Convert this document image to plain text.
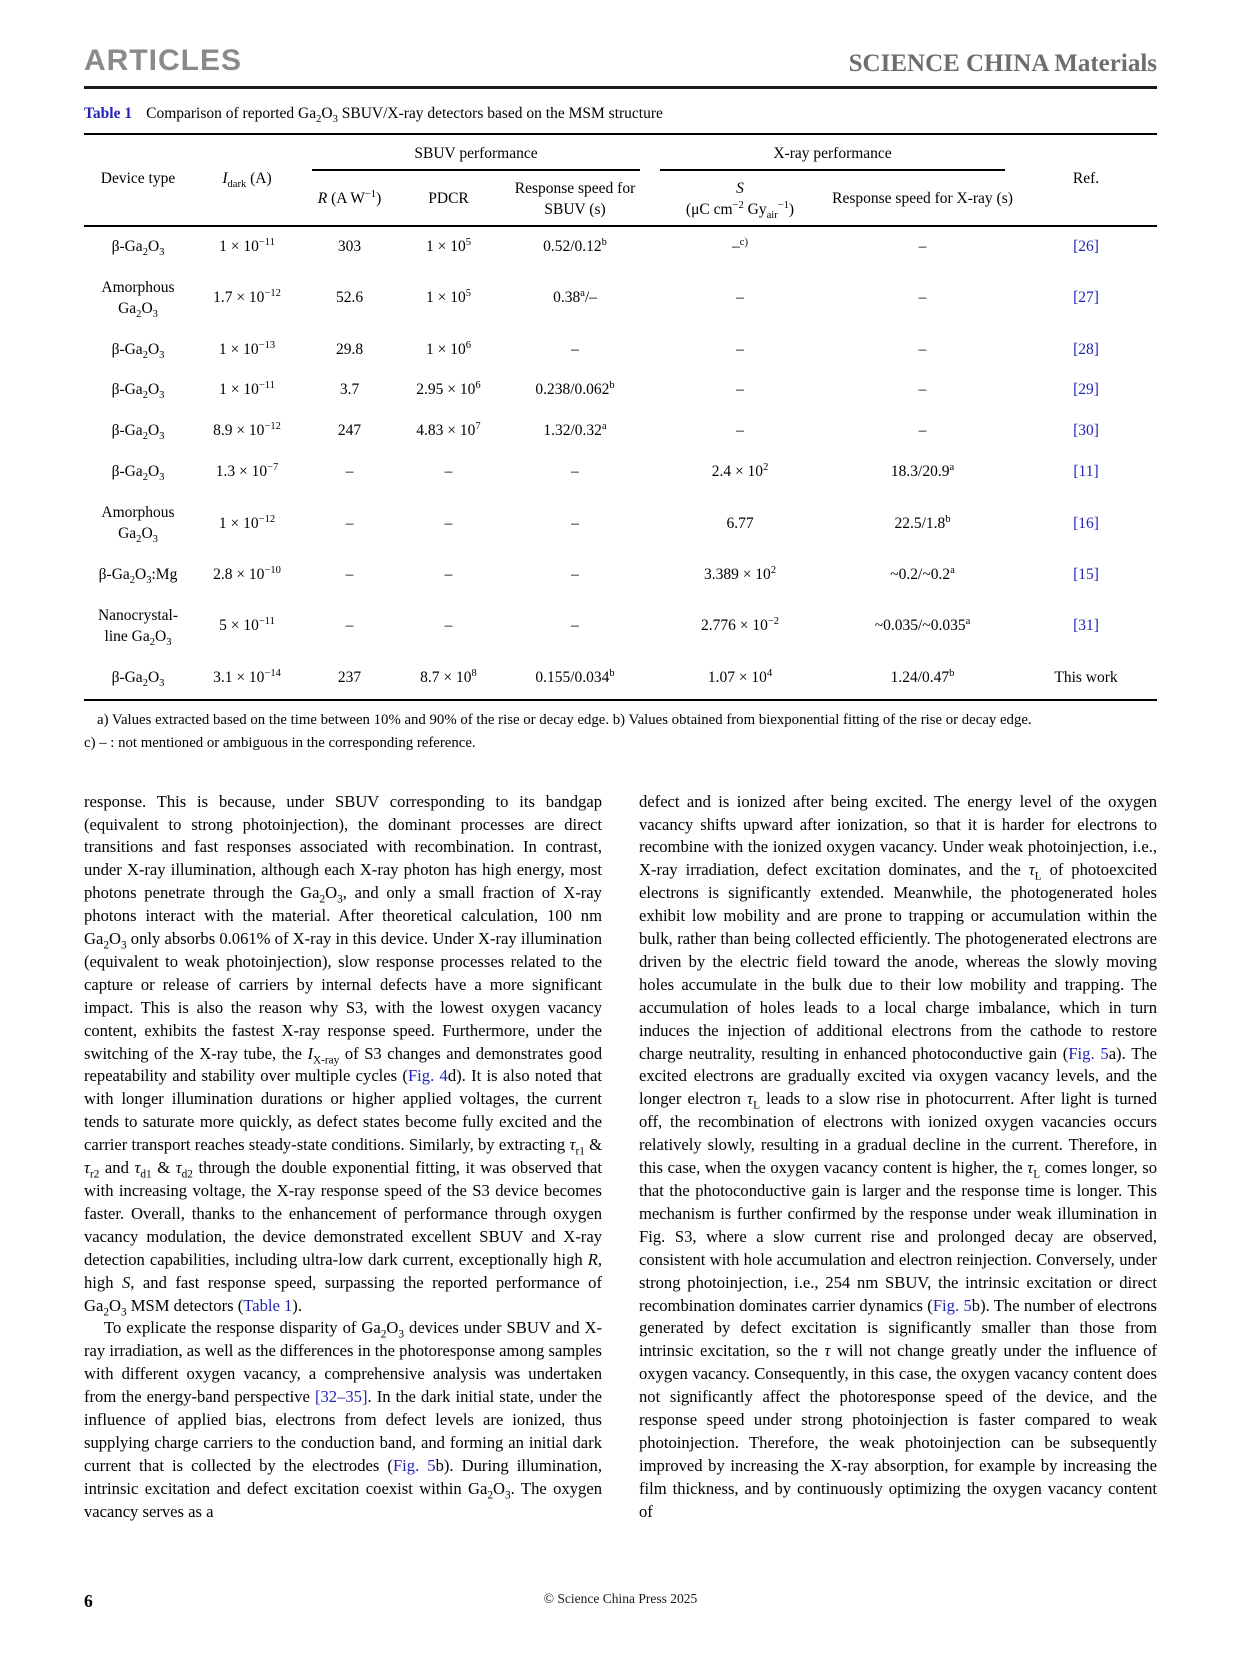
ARTICLES	SCIENCE CHINA Materials
Table 1 Comparison of reported $Ga_2O_3$ SBUV/X-ray detectors based on the MSM structure
Device type	$I_{dark}$ (A)	SBUV performance			X-ray performance		Ref.
		R (A $W^{-1}$)	PDCR	Response speed for SBUV (s)	S
(μC $cm^{-2}$ $Gy_{air}^{-1}$)	Response speed for X-ray (s)	
$\beta-Ga_2O_3$	$1 \times 10^{-11}$	303	$1 \times 10^5$	0.52/0.12$^b$	–$^{c)}$	–	[26]
Amorphous $Ga_2O_3$	$1.7 \times 10^{-12}$	52.6	$1 \times 10^5$	0.38$^a$/–	–	–	[27]
$\beta-Ga_2O_3$	$1 \times 10^{-13}$	29.8	$1 \times 10^6$	–	–	–	[28]
$\beta-Ga_2O_3$	$1 \times 10^{-11}$	3.7	$2.95 \times 10^6$	0.238/0.062$^b$	–	–	[29]
$\beta-Ga_2O_3$	$8.9 \times 10^{-12}$	247	$4.83 \times 10^7$	1.32/0.32$^a$	–	–	[30]
$\beta-Ga_2O_3$	$1.3 \times 10^{-7}$	–	–	–	$2.4 \times 10^2$	18.3/20.9$^a$	[11]
Amorphous $Ga_2O_3$	$1 \times 10^{-12}$	–	–	–	6.77	22.5/1.8$^b$	[16]
$\beta-Ga_2O_3:Mg$	$2.8 \times 10^{-10}$	–	–	–	$3.389 \times 10^2$	~0.2/~0.2$^a$	[15]
Nanocrystal-line $Ga_2O_3$	$5 \times 10^{-11}$	–	–	–	$2.776 \times 10^{-2}$	~0.035/~0.035$^a$	[31]
$\beta-Ga_2O_3$	$3.1 \times 10^{-14}$	237	$8.7 \times 10^8$	0.155/0.034$^b$	$1.07 \times 10^4$	1.24/0.47$^b$	This work
a) Values extracted based on the time between 10% and 90% of the rise or decay edge. b) Values obtained from biexponential fitting of the rise or decay edge.
c) – : not mentioned or ambiguous in the corresponding reference.

response. This is because, under SBUV corresponding to its bandgap (equivalent to strong photoinjection), the dominant processes are direct transitions and fast responses associated with recombination. In contrast, under X-ray illumination, although each X-ray photon has high energy, most photons penetrate through the $Ga_2O_3$, and only a small fraction of X-ray photons interact with the material. After theoretical calculation, 100 nm $Ga_2O_3$ only absorbs 0.061% of X-ray in this device. Under X-ray illumination (equivalent to weak photoinjection), slow response processes related to the capture or release of carriers by internal defects have a more significant impact. This is also the reason why S3, with the lowest oxygen vacancy content, exhibits the fastest X-ray response speed. Furthermore, under the switching of the X-ray tube, the $I_{X-ray}$ of S3 changes and demonstrates good repeatability and stability over multiple cycles (Fig. 4d). It is also noted that with longer illumination durations or higher applied voltages, the current tends to saturate more quickly, as defect states become fully excited and the carrier transport reaches steady-state conditions. Similarly, by extracting $\tau_{r1}$ & $\tau_{r2}$ and $\tau_{d1}$ & $\tau_{d2}$ through the double exponential fitting, it was observed that with increasing voltage, the X-ray response speed of the S3 device becomes faster. Overall, thanks to the enhancement of performance through oxygen vacancy modulation, the device demonstrated excellent SBUV and X-ray detection capabilities, including ultra-low dark current, exceptionally high R, high S, and fast response speed, surpassing the reported performance of $Ga_2O_3$ MSM detectors (Table 1).

To explicate the response disparity of $Ga_2O_3$ devices under SBUV and X-ray irradiation, as well as the differences in the photoresponse among samples with different oxygen vacancy, a comprehensive analysis was undertaken from the energy-band perspective [32–35]. In the dark initial state, under the influence of applied bias, electrons from defect levels are ionized, thus supplying charge carriers to the conduction band, and forming an initial dark current that is collected by the electrodes (Fig. 5b). During illumination, intrinsic excitation and defect excitation coexist within $Ga_2O_3$. The oxygen vacancy serves as a

defect and is ionized after being excited. The energy level of the oxygen vacancy shifts upward after ionization, so that it is harder for electrons to recombine with the ionized oxygen vacancy. Under weak photoinjection, i.e., X-ray irradiation, defect excitation dominates, and the $\tau_L$ of photoexcited electrons is significantly extended. Meanwhile, the photogenerated holes exhibit low mobility and are prone to trapping or accumulation within the bulk, rather than being collected efficiently. The photogenerated electrons are driven by the electric field toward the anode, whereas the slowly moving holes accumulate in the bulk due to their low mobility and trapping. The accumulation of holes leads to a local charge imbalance, which in turn induces the injection of additional electrons from the cathode to restore charge neutrality, resulting in enhanced photoconductive gain (Fig. 5a). The excited electrons are gradually excited via oxygen vacancy levels, and the longer electron $\tau_L$ leads to a slow rise in photocurrent. After light is turned off, the recombination of electrons with ionized oxygen vacancies occurs relatively slowly, resulting in a gradual decline in the current. Therefore, in this case, when the oxygen vacancy content is higher, the $\tau_L$ comes longer, so that the photoconductive gain is larger and the response time is longer. This mechanism is further confirmed by the response under weak illumination in Fig. S3, where a slow current rise and prolonged decay are observed, consistent with hole accumulation and electron reinjection. Conversely, under strong photoinjection, i.e., 254 nm SBUV, the intrinsic excitation or direct recombination dominates carrier dynamics (Fig. 5b). The number of electrons generated by defect excitation is significantly smaller than those from intrinsic excitation, so the τ will not change greatly under the influence of oxygen vacancy. Consequently, in this case, the oxygen vacancy content does not significantly affect the photoresponse speed of the device, and the response speed under strong photoinjection is faster compared to weak photoinjection. Therefore, the weak photoinjection can be subsequently improved by increasing the X-ray absorption, for example by increasing the film thickness, and by continuously optimizing the oxygen vacancy content of

6	© Science China Press 2025
